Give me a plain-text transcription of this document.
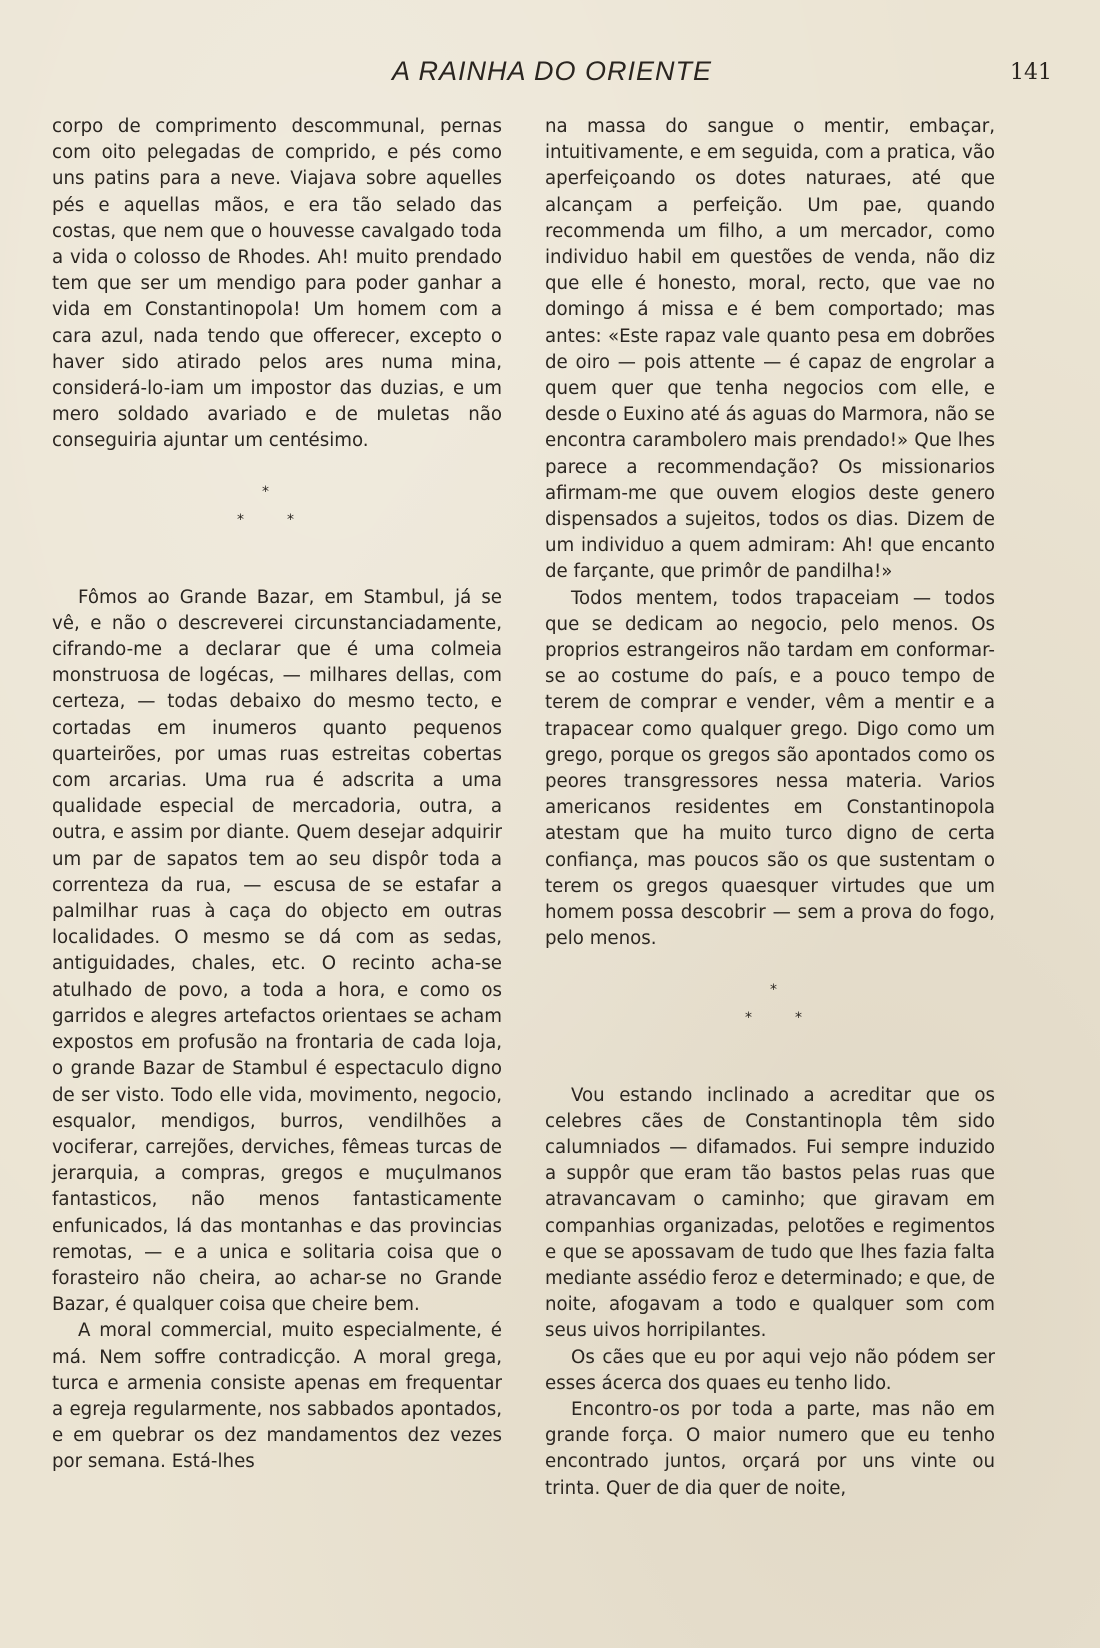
A RAINHA DO ORIENTE	141

corpo de comprimento descommunal, pernas com oito pelegadas de comprido, e pés como uns patins para a neve. Viajava sobre aquelles pés e aquellas mãos, e era tão selado das costas, que nem que o houvesse cavalgado toda a vida o colosso de Rhodes. Ah! muito prendado tem que ser um mendigo para poder ganhar a vida em Constantinopola! Um homem com a cara azul, nada tendo que offerecer, excepto o haver sido atirado pelos ares numa mina, considerá-lo-iam um impostor das duzias, e um mero soldado avariado e de muletas não conseguiria ajuntar um centésimo.

*
*	*

Fômos ao Grande Bazar, em Stambul, já se vê, e não o descreverei circunstanciadamente, cifrando-me a declarar que é uma colmeia monstruosa de logécas, — milhares dellas, com certeza, — todas debaixo do mesmo tecto, e cortadas em inumeros quanto pequenos quarteirões, por umas ruas estreitas cobertas com arcarias. Uma rua é adscrita a uma qualidade especial de mercadoria, outra, a outra, e assim por diante. Quem desejar adquirir um par de sapatos tem ao seu dispôr toda a correnteza da rua, — escusa de se estafar a palmilhar ruas à caça do objecto em outras localidades. O mesmo se dá com as sedas, antiguidades, chales, etc. O recinto acha-se atulhado de povo, a toda a hora, e como os garridos e alegres artefactos orientaes se acham expostos em profusão na frontaria de cada loja, o grande Bazar de Stambul é espectaculo digno de ser visto. Todo elle vida, movimento, negocio, esqualor, mendigos, burros, vendilhões a vociferar, carrejões, derviches, fêmeas turcas de jerarquia, a compras, gregos e muçulmanos fantasticos, não menos fantasticamente enfunicados, lá das montanhas e das provincias remotas, — e a unica e solitaria coisa que o forasteiro não cheira, ao achar-se no Grande Bazar, é qualquer coisa que cheire bem.

A moral commercial, muito especialmente, é má. Nem soffre contradicção. A moral grega, turca e armenia consiste apenas em frequentar a egreja regularmente, nos sabbados apontados, e em quebrar os dez mandamentos dez vezes por semana. Está-lhes

na massa do sangue o mentir, embaçar, intuitivamente, e em seguida, com a pratica, vão aperfeiçoando os dotes naturaes, até que alcançam a perfeição. Um pae, quando recommenda um filho, a um mercador, como individuo habil em questões de venda, não diz que elle é honesto, moral, recto, que vae no domingo á missa e é bem comportado; mas antes: «Este rapaz vale quanto pesa em dobrões de oiro — pois attente — é capaz de engrolar a quem quer que tenha negocios com elle, e desde o Euxino até ás aguas do Marmora, não se encontra carambolero mais prendado!» Que lhes parece a recommendação? Os missionarios afirmam-me que ouvem elogios deste genero dispensados a sujeitos, todos os dias. Dizem de um individuo a quem admiram: Ah! que encanto de farçante, que primôr de pandilha!»

Todos mentem, todos trapaceiam — todos que se dedicam ao negocio, pelo menos. Os proprios estrangeiros não tardam em conformar-se ao costume do país, e a pouco tempo de terem de comprar e vender, vêm a mentir e a trapacear como qualquer grego. Digo como um grego, porque os gregos são apontados como os peores transgressores nessa materia. Varios americanos residentes em Constantinopola atestam que ha muito turco digno de certa confiança, mas poucos são os que sustentam o terem os gregos quaesquer virtudes que um homem possa descobrir — sem a prova do fogo, pelo menos.

*
*	*

Vou estando inclinado a acreditar que os celebres cães de Constantinopla têm sido calumniados — difamados. Fui sempre induzido a suppôr que eram tão bastos pelas ruas que atravancavam o caminho; que giravam em companhias organizadas, pelotões e regimentos e que se apossavam de tudo que lhes fazia falta mediante assédio feroz e determinado; e que, de noite, afogavam a todo e qualquer som com seus uivos horripilantes.

Os cães que eu por aqui vejo não pódem ser esses ácerca dos quaes eu tenho lido.

Encontro-os por toda a parte, mas não em grande força. O maior numero que eu tenho encontrado juntos, orçará por uns vinte ou trinta. Quer de dia quer de noite,
